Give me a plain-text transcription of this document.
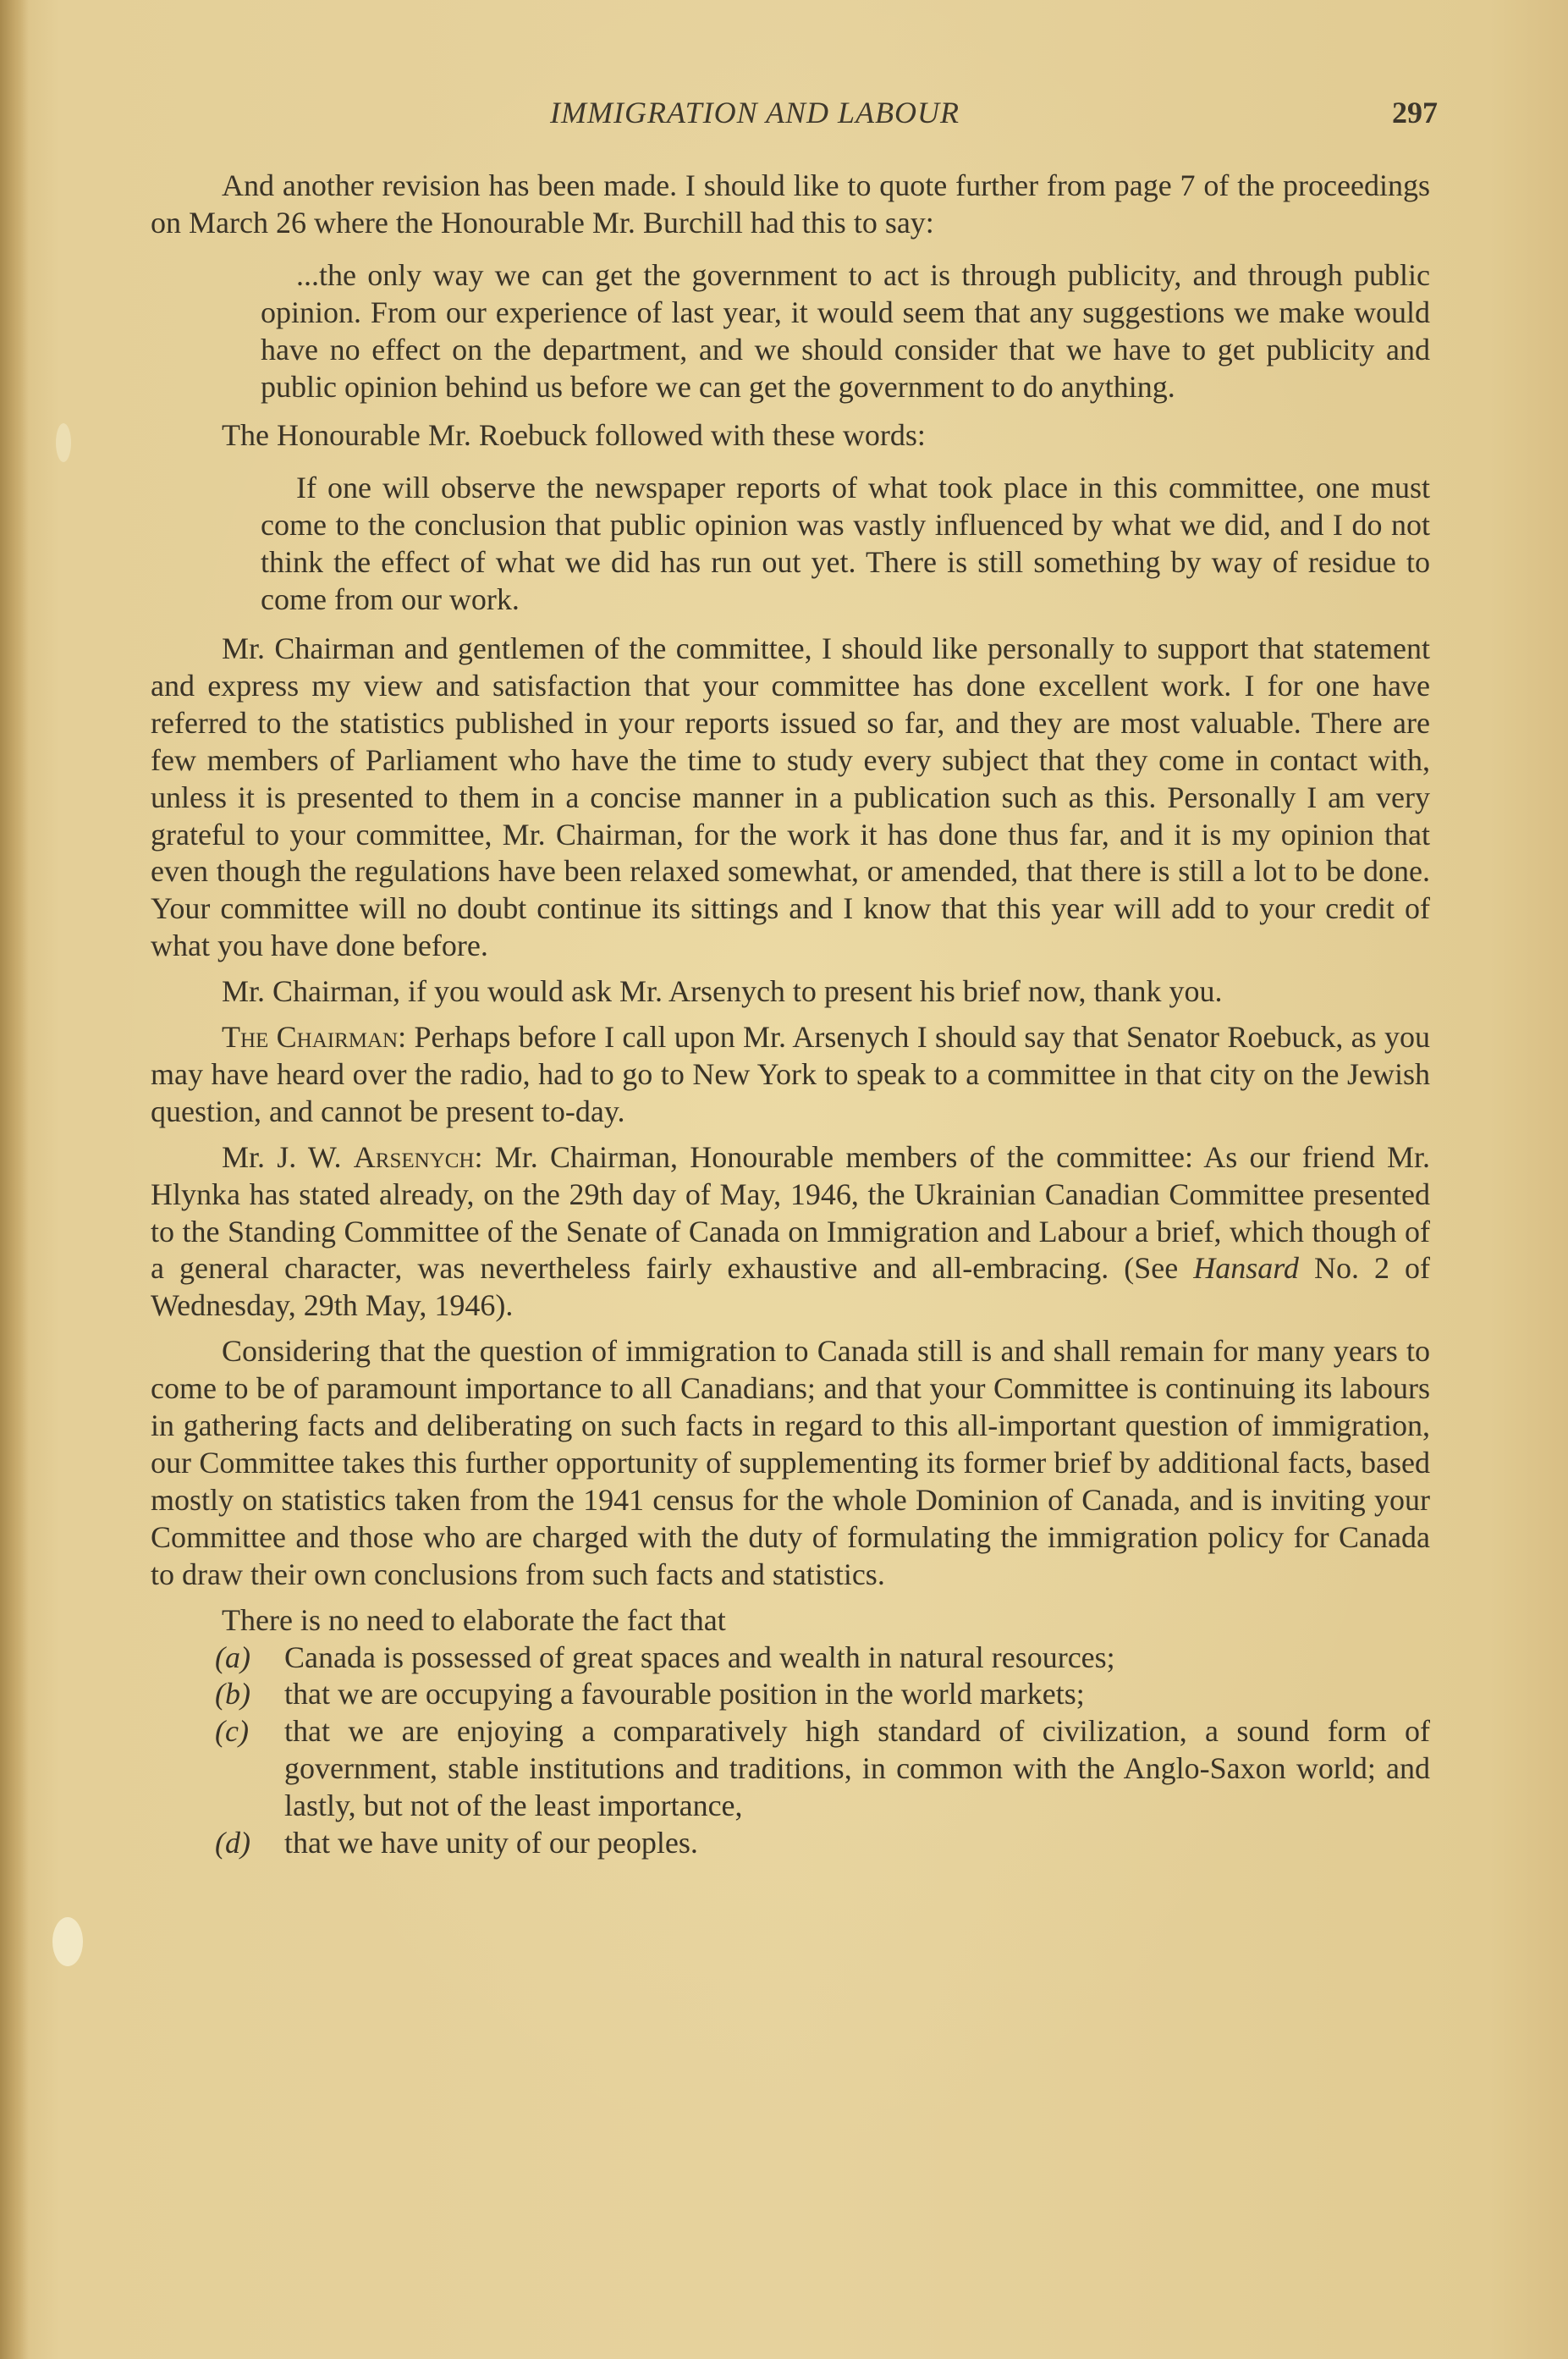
IMMIGRATION AND LABOUR	297

And another revision has been made. I should like to quote further from page 7 of the proceedings on March 26 where the Honourable Mr. Burchill had this to say:

...the only way we can get the government to act is through publicity, and through public opinion. From our experience of last year, it would seem that any suggestions we make would have no effect on the department, and we should consider that we have to get publicity and public opinion behind us before we can get the government to do anything.

The Honourable Mr. Roebuck followed with these words:

If one will observe the newspaper reports of what took place in this committee, one must come to the conclusion that public opinion was vastly influenced by what we did, and I do not think the effect of what we did has run out yet. There is still something by way of residue to come from our work.

Mr. Chairman and gentlemen of the committee, I should like personally to support that statement and express my view and satisfaction that your committee has done excellent work. I for one have referred to the statistics published in your reports issued so far, and they are most valuable. There are few members of Parliament who have the time to study every subject that they come in contact with, unless it is presented to them in a concise manner in a publication such as this. Personally I am very grateful to your committee, Mr. Chairman, for the work it has done thus far, and it is my opinion that even though the regulations have been relaxed somewhat, or amended, that there is still a lot to be done. Your committee will no doubt continue its sittings and I know that this year will add to your credit of what you have done before.

Mr. Chairman, if you would ask Mr. Arsenych to present his brief now, thank you.

The Chairman: Perhaps before I call upon Mr. Arsenych I should say that Senator Roebuck, as you may have heard over the radio, had to go to New York to speak to a committee in that city on the Jewish question, and cannot be present to-day.

Mr. J. W. Arsenych: Mr. Chairman, Honourable members of the committee: As our friend Mr. Hlynka has stated already, on the 29th day of May, 1946, the Ukrainian Canadian Committee presented to the Standing Committee of the Senate of Canada on Immigration and Labour a brief, which though of a general character, was nevertheless fairly exhaustive and all-embracing. (See Hansard No. 2 of Wednesday, 29th May, 1946).

Considering that the question of immigration to Canada still is and shall remain for many years to come to be of paramount importance to all Canadians; and that your Committee is continuing its labours in gathering facts and deliberating on such facts in regard to this all-important question of immigration, our Committee takes this further opportunity of supplementing its former brief by additional facts, based mostly on statistics taken from the 1941 census for the whole Dominion of Canada, and is inviting your Committee and those who are charged with the duty of formulating the immigration policy for Canada to draw their own conclusions from such facts and statistics.

There is no need to elaborate the fact that

(a) Canada is possessed of great spaces and wealth in natural resources;
(b) that we are occupying a favourable position in the world markets;
(c) that we are enjoying a comparatively high standard of civilization, a sound form of government, stable institutions and traditions, in common with the Anglo-Saxon world; and lastly, but not of the least importance,
(d) that we have unity of our peoples.
